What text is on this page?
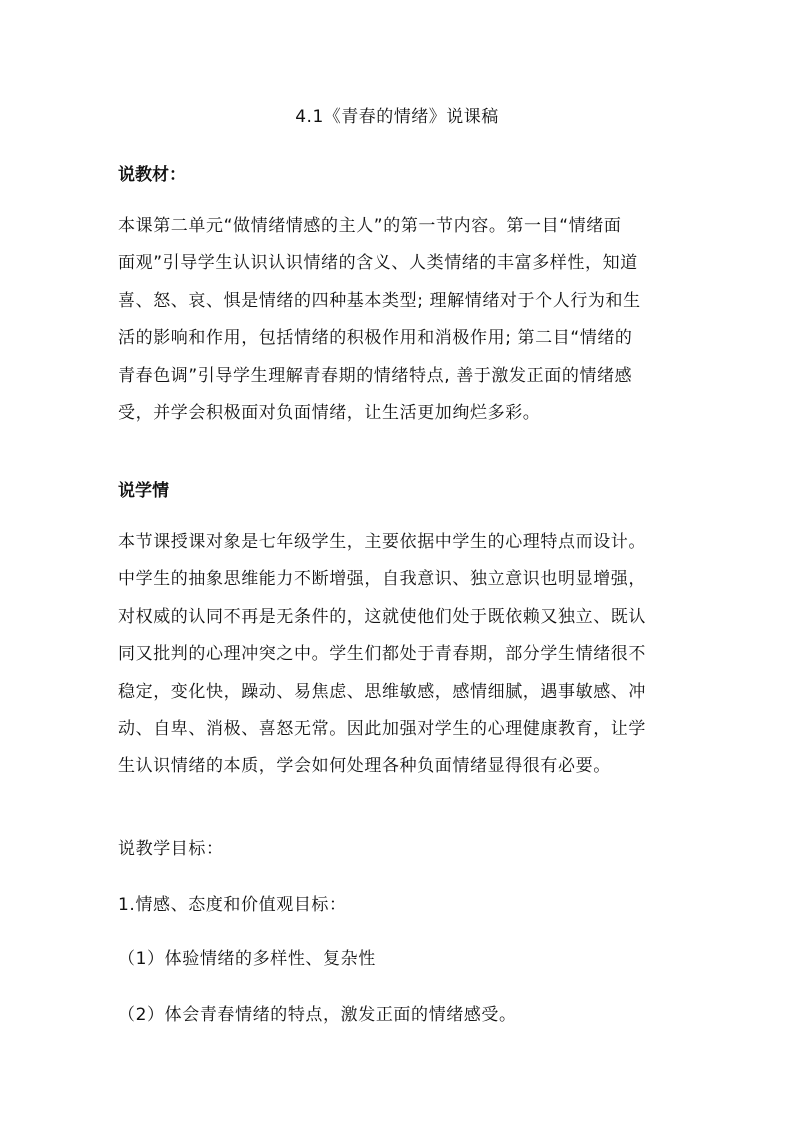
4.1《青春的情绪》说课稿
说教材：
本课第二单元“做情绪情感的主人”的第一节内容。第一目“情绪面
面观”引导学生认识认识情绪的含义、人类情绪的丰富多样性，知道
喜、怒、哀、惧是情绪的四种基本类型; 理解情绪对于个人行为和生
活的影响和作用，包括情绪的积极作用和消极作用; 第二目“情绪的
青春色调”引导学生理解青春期的情绪特点, 善于激发正面的情绪感
受，并学会积极面对负面情绪，让生活更加绚烂多彩。
说学情
本节课授课对象是七年级学生，主要依据中学生的心理特点而设计。
中学生的抽象思维能力不断增强，自我意识、独立意识也明显增强，
对权威的认同不再是无条件的，这就使他们处于既依赖又独立、既认
同又批判的心理冲突之中。学生们都处于青春期，部分学生情绪很不
稳定，变化快，躁动、易焦虑、思维敏感，感情细腻，遇事敏感、冲
动、自卑、消极、喜怒无常。因此加强对学生的心理健康教育，让学
生认识情绪的本质，学会如何处理各种负面情绪显得很有必要。
说教学目标：
1.情感、态度和价值观目标：
（1）体验情绪的多样性、复杂性
（2）体会青春情绪的特点，激发正面的情绪感受。
